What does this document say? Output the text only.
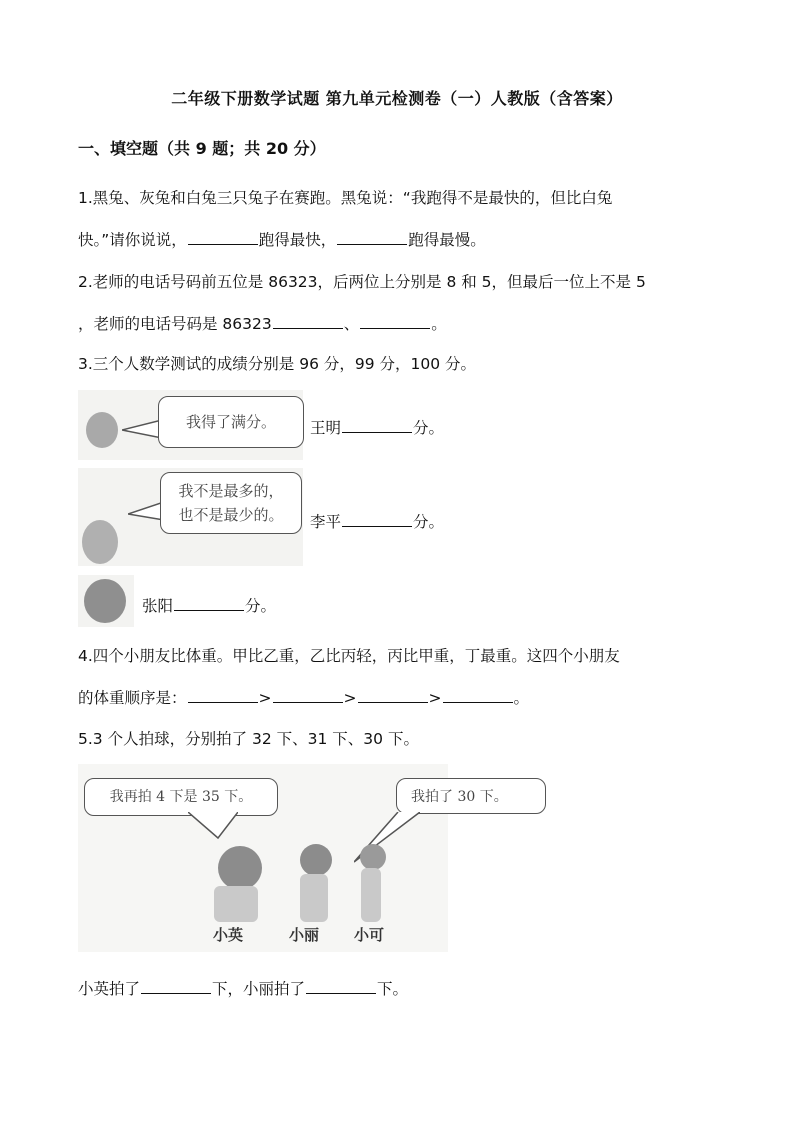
二年级下册数学试题 第九单元检测卷（一）人教版（含答案）
一、填空题（共 9 题；共 20 分）
1.黑兔、灰兔和白兔三只兔子在赛跑。黑兔说：“我跑得不是最快的，但比白兔
快。”请你说说，	跑得最快，	跑得最慢。
2.老师的电话号码前五位是 86323，后两位上分别是 8 和 5，但最后一位上不是 5
，老师的电话号码是 86323	、	。
3.三个人数学测试的成绩分别是 96 分，99 分，100 分。
我得了满分。	王明	分。
我不是最多的，
也不是最少的。	李平	分。
张阳	分。
4.四个小朋友比体重。甲比乙重，乙比丙轻，丙比甲重，丁最重。这四个小朋友
的体重顺序是：	>	>	>	。
5.3 个人拍球，分别拍了 32 下、31 下、30 下。
我再拍 4 下是 35 下。	我拍了 30 下。
小英	小丽 小可
小英拍了	下，小丽拍了	下。
